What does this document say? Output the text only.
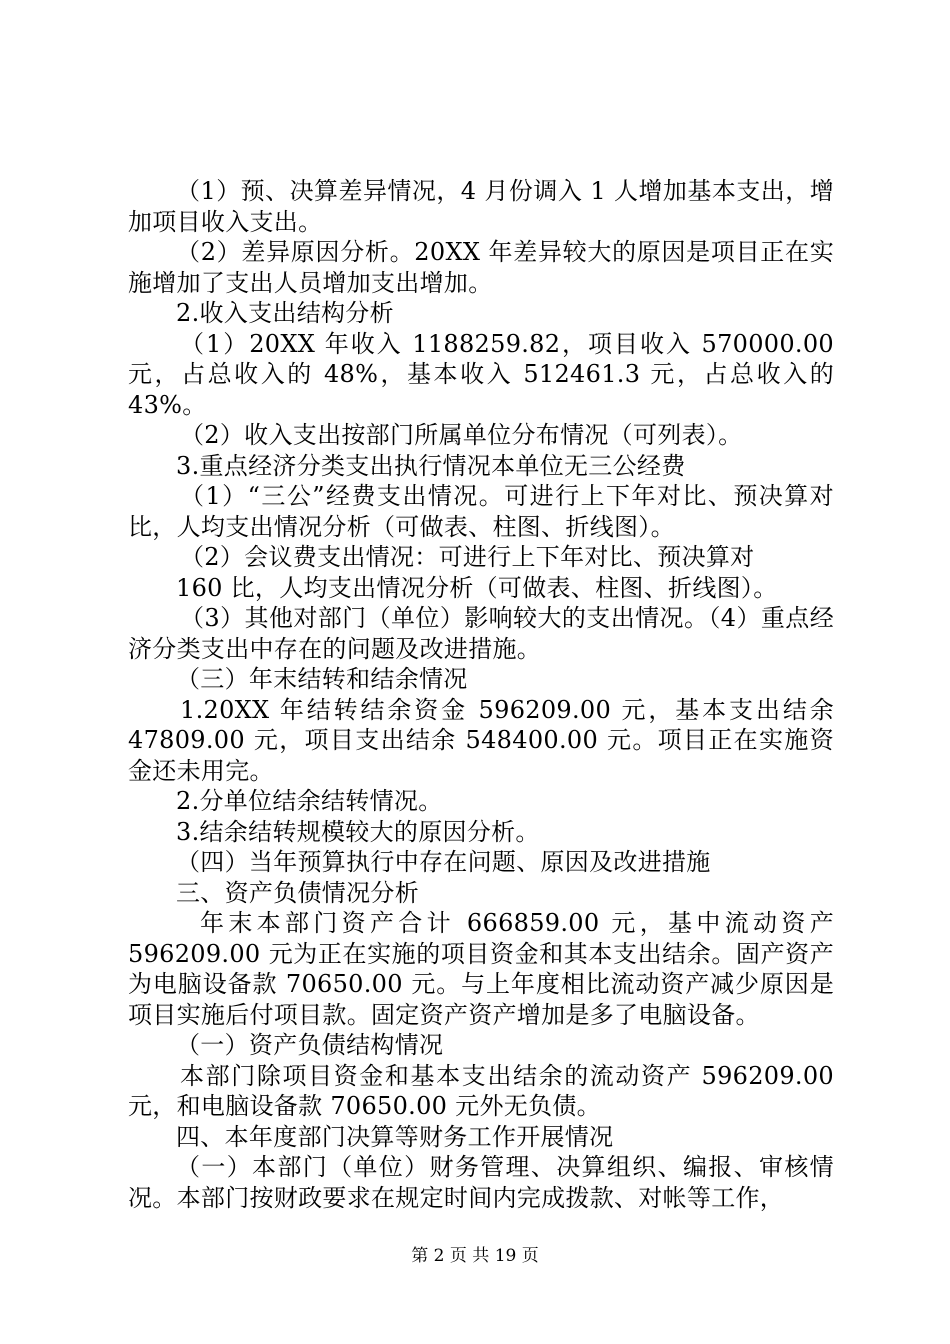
（1）预、决算差异情况，4 月份调入 1 人增加基本支出，增加项目收入支出。

（2）差异原因分析。20XX 年差异较大的原因是项目正在实施增加了支出人员增加支出增加。

2.收入支出结构分析

（1）20XX 年收入 1188259.82，项目收入 570000.00 元，占总收入的 48%，基本收入 512461.3 元，占总收入的 43%。

（2）收入支出按部门所属单位分布情况（可列表）。

3.重点经济分类支出执行情况本单位无三公经费

（1）“三公”经费支出情况。可进行上下年对比、预决算对比，人均支出情况分析（可做表、柱图、折线图）。

（2）会议费支出情况：可进行上下年对比、预决算对

160 比，人均支出情况分析（可做表、柱图、折线图）。

（3）其他对部门（单位）影响较大的支出情况。（4）重点经济分类支出中存在的问题及改进措施。

（三）年末结转和结余情况

1.20XX 年结转结余资金 596209.00 元，基本支出结余 47809.00 元，项目支出结余 548400.00 元。项目正在实施资金还未用完。

2.分单位结余结转情况。

3.结余结转规模较大的原因分析。

（四）当年预算执行中存在问题、原因及改进措施

三、资产负债情况分析

年末本部门资产合计 666859.00 元，基中流动资产 596209.00 元为正在实施的项目资金和其本支出结余。固产资产为电脑设备款 70650.00 元。与上年度相比流动资产减少原因是项目实施后付项目款。固定资产资产增加是多了电脑设备。

（一）资产负债结构情况

本部门除项目资金和基本支出结余的流动资产 596209.00 元，和电脑设备款 70650.00 元外无负债。

四、本年度部门决算等财务工作开展情况

（一）本部门（单位）财务管理、决算组织、编报、审核情况。本部门按财政要求在规定时间内完成拨款、对帐等工作，

第 2 页 共 19 页
